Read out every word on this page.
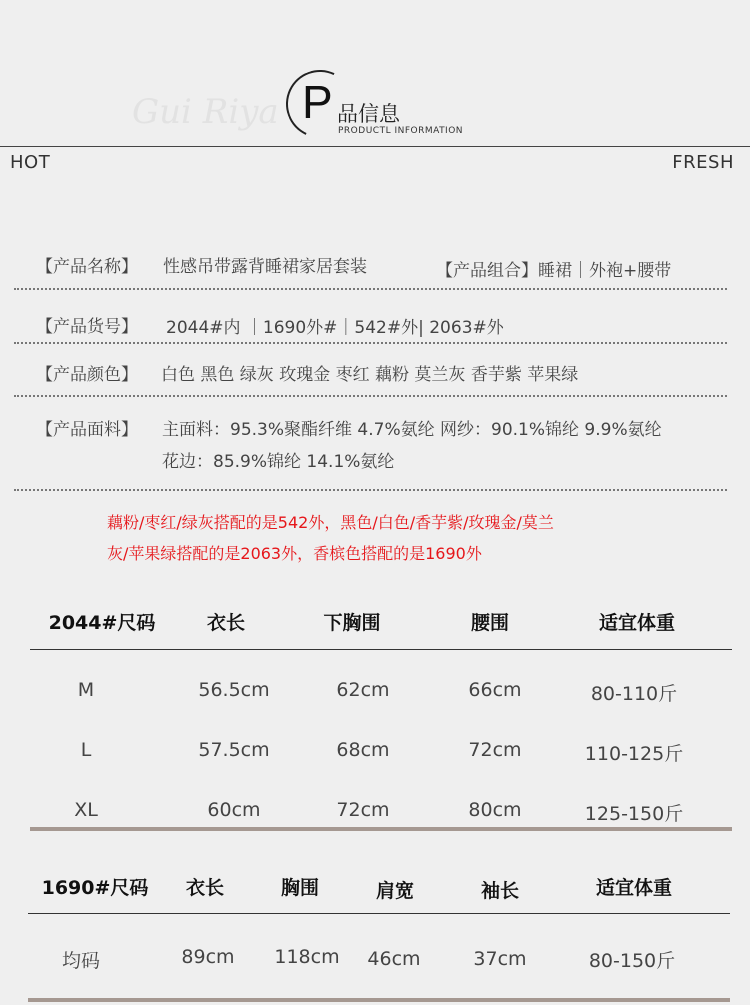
Gui Riya P 品信息
PRODUCTL INFORMATION
HOT	FRESH
【产品名称】 性感吊带露背睡裙家居套装	【产品组合】 睡裙｜外袍+腰带
【产品货号】 2044#内 ｜1690外#｜542#外| 2063#外
【产品颜色】 白色 黑色 绿灰 玫瑰金 枣红 藕粉 莫兰灰 香芋紫 苹果绿
【产品面料】 主面料：95.3%聚酯纤维 4.7%氨纶 网纱：90.1%锦纶 9.9%氨纶
花边：85.9%锦纶 14.1%氨纶
藕粉/枣红/绿灰搭配的是542外，黑色/白色/香芋紫/玫瑰金/莫兰
灰/苹果绿搭配的是2063外，香槟色搭配的是1690外
2044#尺码	衣长	下胸围	腰围	适宜体重
M	56.5cm	62cm	66cm	80-110斤
L	57.5cm	68cm	72cm	110-125斤
XL	60cm	72cm	80cm	125-150斤
1690#尺码 衣长	胸围	肩宽	袖长	适宜体重
均码	89cm 118cm 46cm	37cm	80-150斤
